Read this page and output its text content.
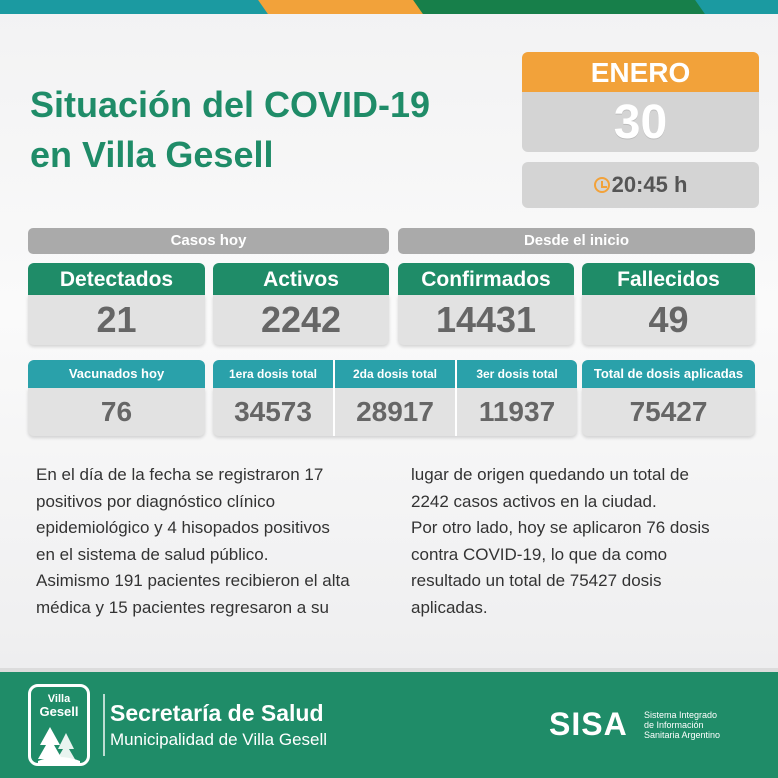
Situación del COVID-19
en Villa Gesell
ENERO
30
20:45 h
Casos hoy	Desde el inicio
Detectados
21
Activos
2242
Confirmados
14431
Fallecidos
49
Vacunados hoy
76
1era dosis total	2da dosis total	3er dosis total
34573	28917	11937
Total de dosis aplicadas
75427
En el día de la fecha se registraron 17
positivos por diagnóstico clínico
epidemiológico y 4 hisopados positivos
en el sistema de salud público.
Asimismo 191 pacientes recibieron el alta
médica y 15 pacientes regresaron a su
lugar de origen quedando un total de
2242 casos activos en la ciudad.
Por otro lado, hoy se aplicaron 76 dosis
contra COVID-19, lo que da como
resultado un total de 75427 dosis
aplicadas.
Villa
Gesell	Secretaría de Salud
Municipalidad de Villa Gesell	SISA Sistema Integrado
de Información
Sanitaria Argentino
